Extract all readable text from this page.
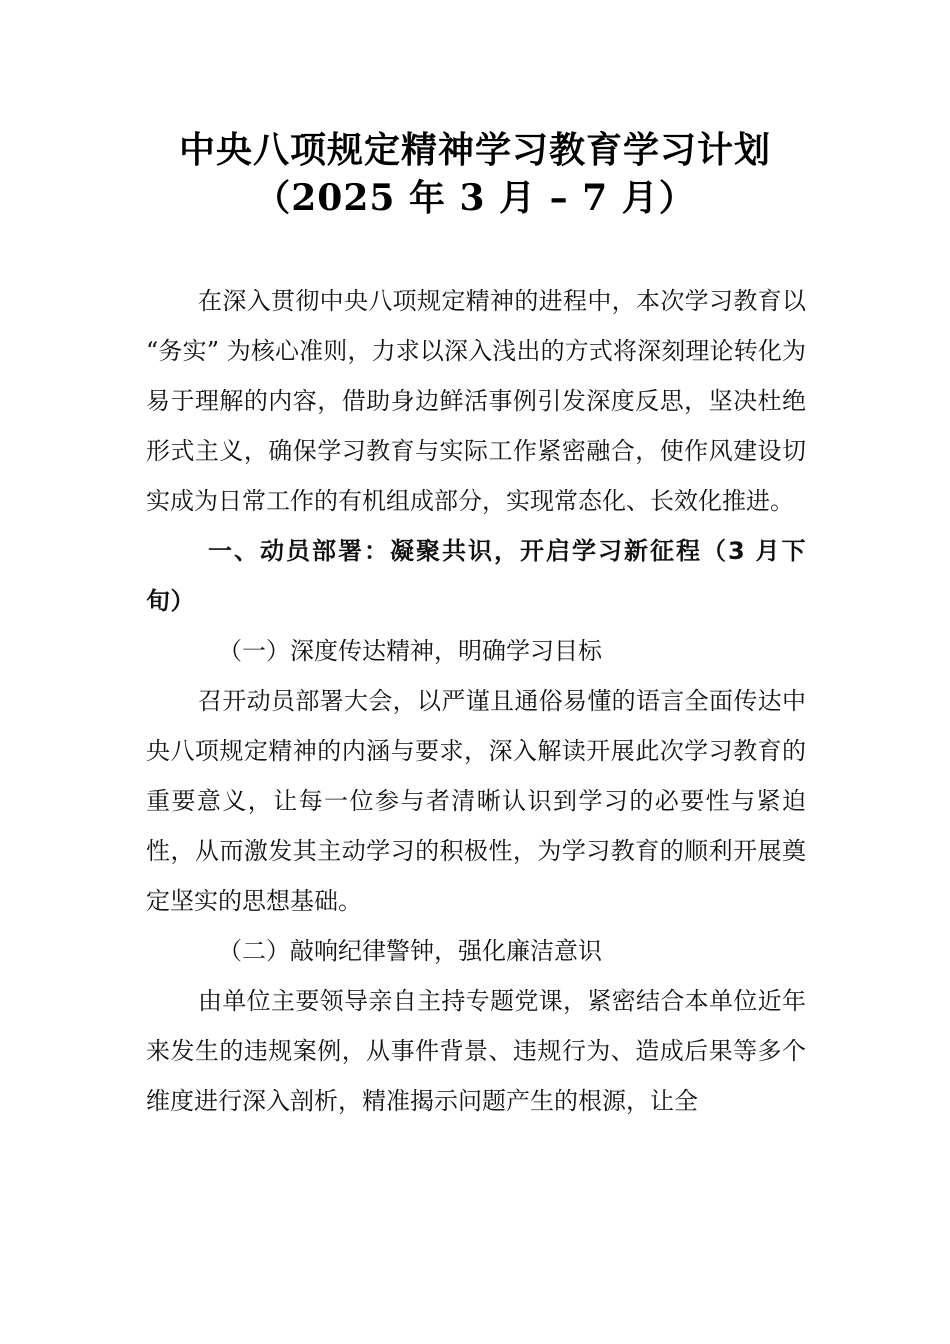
中央八项规定精神学习教育学习计划
（2025 年 3 月 – 7 月）

在深入贯彻中央八项规定精神的进程中，本次学习教育以 “务实” 为核心准则，力求以深入浅出的方式将深刻理论转化为易于理解的内容，借助身边鲜活事例引发深度反思，坚决杜绝形式主义，确保学习教育与实际工作紧密融合，使作风建设切实成为日常工作的有机组成部分，实现常态化、长效化推进。

一、动员部署：凝聚共识，开启学习新征程（3 月下旬）

（一）深度传达精神，明确学习目标

召开动员部署大会，以严谨且通俗易懂的语言全面传达中央八项规定精神的内涵与要求，深入解读开展此次学习教育的重要意义，让每一位参与者清晰认识到学习的必要性与紧迫性，从而激发其主动学习的积极性，为学习教育的顺利开展奠定坚实的思想基础。

（二）敲响纪律警钟，强化廉洁意识

由单位主要领导亲自主持专题党课，紧密结合本单位近年来发生的违规案例，从事件背景、违规行为、造成后果等多个维度进行深入剖析，精准揭示问题产生的根源，让全
